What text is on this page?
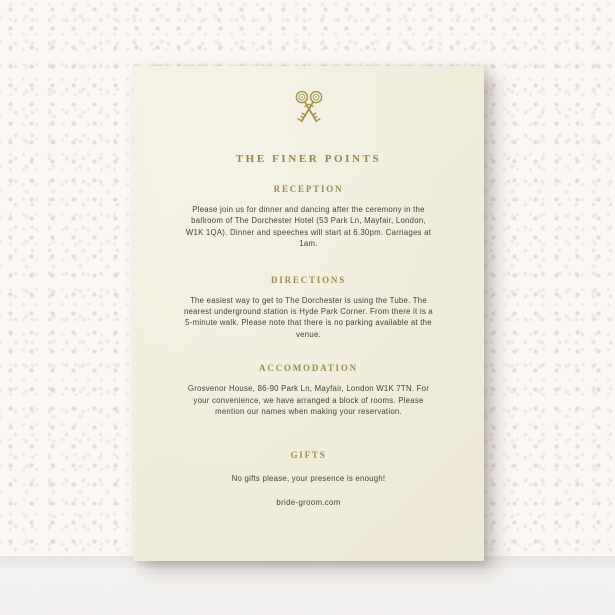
THE FINER POINTS
RECEPTION
Please join us for dinner and dancing after the ceremony in the ballroom of The Dorchester Hotel (53 Park Ln, Mayfair, London, W1K 1QA). Dinner and speeches will start at 6.30pm. Carriages at 1am.
DIRECTIONS
The easiest way to get to The Dorchester is using the Tube. The nearest underground station is Hyde Park Corner. From there it is a 5-minute walk. Please note that there is no parking available at the venue.
ACCOMODATION
Grosvenor House, 86-90 Park Ln, Mayfair, London W1K 7TN. For your convenience, we have arranged a block of rooms. Please mention our names when making your reservation.
GIFTS
No gifts please, your presence is enough!
bride-groom.com
